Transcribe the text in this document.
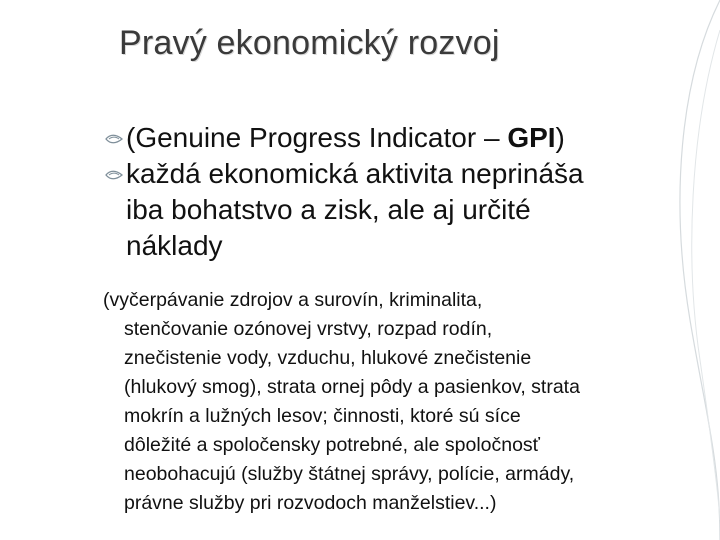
Pravý ekonomický rozvoj
(Genuine Progress Indicator – GPI)
každá ekonomická aktivita neprináša
iba bohatstvo a zisk, ale aj určité
náklady
(vyčerpávanie zdrojov a surovín, kriminalita,
stenčovanie ozónovej vrstvy, rozpad rodín,
znečistenie vody, vzduchu, hlukové znečistenie
(hlukový smog), strata ornej pôdy a pasienkov, strata
mokrín a lužných lesov; činnosti, ktoré sú síce
dôležité a spoločensky potrebné, ale spoločnosť
neobohacujú (služby štátnej správy, polície, armády,
právne služby pri rozvodoch manželstiev...)
